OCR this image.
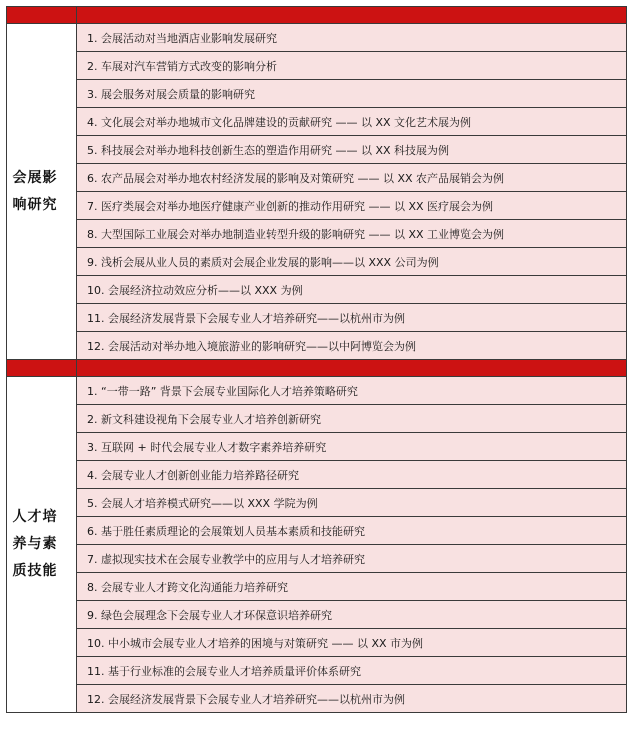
会展影
响研究	1. 会展活动对当地酒店业影响发展研究
	2. 车展对汽车营销方式改变的影响分析
	3. 展会服务对展会质量的影响研究
	4. 文化展会对举办地城市文化品牌建设的贡献研究 —— 以 XX 文化艺术展为例
	5. 科技展会对举办地科技创新生态的塑造作用研究 —— 以 XX 科技展为例
	6. 农产品展会对举办地农村经济发展的影响及对策研究 —— 以 XX 农产品展销会为例
	7. 医疗类展会对举办地医疗健康产业创新的推动作用研究 —— 以 XX 医疗展会为例
	8. 大型国际工业展会对举办地制造业转型升级的影响研究 —— 以 XX 工业博览会为例
	9. 浅析会展从业人员的素质对会展企业发展的影响——以 XXX 公司为例
	10. 会展经济拉动效应分析——以 XXX 为例
	11. 会展经济发展背景下会展专业人才培养研究——以杭州市为例
	12. 会展活动对举办地入境旅游业的影响研究——以中阿博览会为例

人才培
养与素
质技能	1. “一带一路” 背景下会展专业国际化人才培养策略研究
	2. 新文科建设视角下会展专业人才培养创新研究
	3. 互联网 + 时代会展专业人才数字素养培养研究
	4. 会展专业人才创新创业能力培养路径研究
	5. 会展人才培养模式研究——以 XXX 学院为例
	6. 基于胜任素质理论的会展策划人员基本素质和技能研究
	7. 虚拟现实技术在会展专业教学中的应用与人才培养研究
	8. 会展专业人才跨文化沟通能力培养研究
	9. 绿色会展理念下会展专业人才环保意识培养研究
	10. 中小城市会展专业人才培养的困境与对策研究 —— 以 XX 市为例
	11. 基于行业标准的会展专业人才培养质量评价体系研究
	12. 会展经济发展背景下会展专业人才培养研究——以杭州市为例
